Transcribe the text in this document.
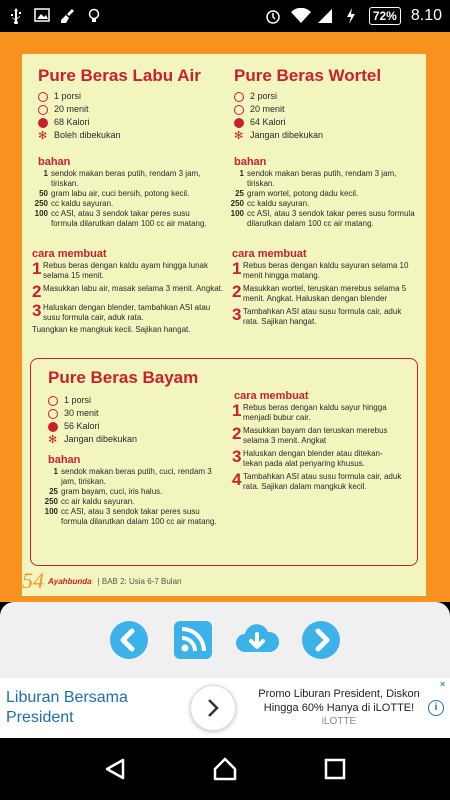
72% 8.10
Pure Beras Labu Air
1 porsi
20 menit
68 Kalori
✻ Boleh dibekukan
bahan
1 sendok makan beras putih, rendam 3 jam, tiriskan.
50 gram labu air, cuci bersih, potong kecil.
250 cc kaldu sayuran.
100 cc ASI, atau 3 sendok takar peres susu formula dilarutkan dalam 100 cc air matang.
cara membuat
1 Rebus beras dengan kaldu ayam hingga lunak selama 15 menit.
2 Masukkan labu air, masak selama 3 menit. Angkat.
3 Haluskan dengan blender, tambahkan ASI atau susu formula cair, aduk rata.
Tuangkan ke mangkuk kecil. Sajikan hangat.
Pure Beras Wortel
2 porsi
20 menit
64 Kalori
✻ Jangan dibekukan
bahan
1 sendok makan beras putih, rendam 3 jam, tiriskan.
25 gram wortel, potong dadu kecil.
250 cc kaldu sayuran.
100 cc ASI, atau 3 sendok takar peres susu formula dilarutkan dalam 100 cc air matang.
cara membuat
1 Rebus beras dengan kaldu sayuran selama 10 menit hingga matang.
2 Masukkan wortel, teruskan merebus selama 5 menit. Angkat. Haluskan dengan blender
3 Tambahkan ASI atau susu formula cair, aduk rata. Sajikan hangat.
Pure Beras Bayam
1 porsi
30 menit
56 Kalori
✻ Jangan dibekukan
bahan
1 sendok makan beras putih, cuci, rendam 3 jam, tiriskan.
25 gram bayam, cuci, iris halus.
250 cc air kaldu sayuran.
100 cc ASI, atau 3 sendok takar peres susu formula dilarutkan dalam 100 cc air matang.
cara membuat
1 Rebus beras dengan kaldu sayur hingga menjadi bubur cair.
2 Masukkan bayam dan teruskan merebus selama 3 menit. Angkat
3 Haluskan dengan blender atau ditekan-tekan pada alat penyaring khusus.
4 Tambahkan ASI atau susu formula cair, aduk rata. Sajikan dalam mangkuk kecil.
54 Ayahbunda | BAB 2: Usia 6-7 Bulan
Liburan Bersama President
Promo Liburan President, Diskon Hingga 60% Hanya di iLOTTE!
iLOTTE
i
✕
